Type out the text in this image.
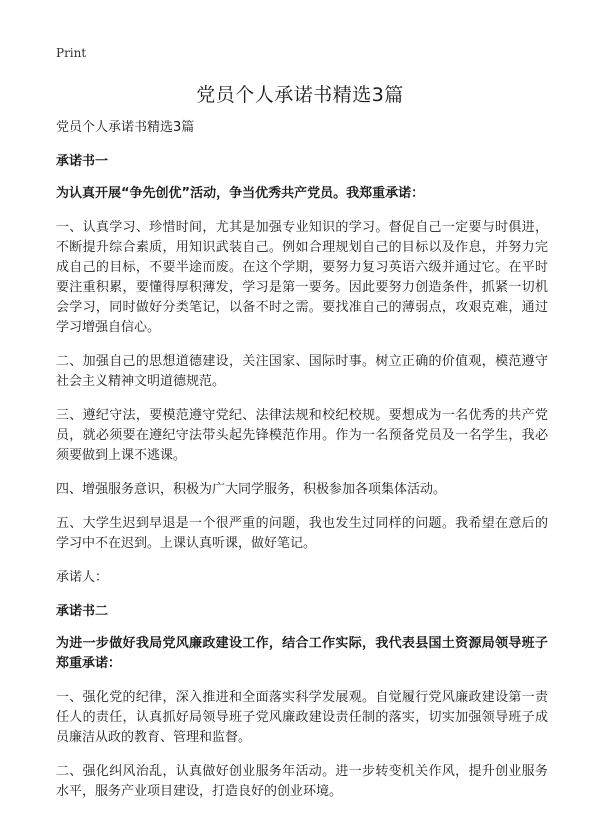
Print
党员个人承诺书精选3篇

党员个人承诺书精选3篇

承诺书一

为认真开展“争先创优”活动，争当优秀共产党员。我郑重承诺：

一、认真学习、珍惜时间，尤其是加强专业知识的学习。督促自己一定要与时俱进，不断提升综合素质，用知识武装自己。例如合理规划自己的目标以及作息，并努力完成自己的目标，不要半途而废。在这个学期，要努力复习英语六级并通过它。在平时要注重积累，要懂得厚积薄发，学习是第一要务。因此要努力创造条件，抓紧一切机会学习，同时做好分类笔记，以备不时之需。要找准自己的薄弱点，攻艰克难，通过学习增强自信心。

二、加强自己的思想道德建设，关注国家、国际时事。树立正确的价值观，模范遵守社会主义精神文明道德规范。

三、遵纪守法，要模范遵守党纪、法律法规和校纪校规。要想成为一名优秀的共产党员，就必须要在遵纪守法带头起先锋模范作用。作为一名预备党员及一名学生，我必须要做到上课不逃课。

四、增强服务意识，积极为广大同学服务，积极参加各项集体活动。

五、大学生迟到早退是一个很严重的问题，我也发生过同样的问题。我希望在意后的学习中不在迟到。上课认真听课，做好笔记。

承诺人：

承诺书二

为进一步做好我局党风廉政建设工作，结合工作实际，我代表县国土资源局领导班子郑重承诺：

一、强化党的纪律，深入推进和全面落实科学发展观。自觉履行党风廉政建设第一责任人的责任，认真抓好局领导班子党风廉政建设责任制的落实，切实加强领导班子成员廉洁从政的教育、管理和监督。

二、强化纠风治乱，认真做好创业服务年活动。进一步转变机关作风，提升创业服务水平，服务产业项目建设，打造良好的创业环境。
